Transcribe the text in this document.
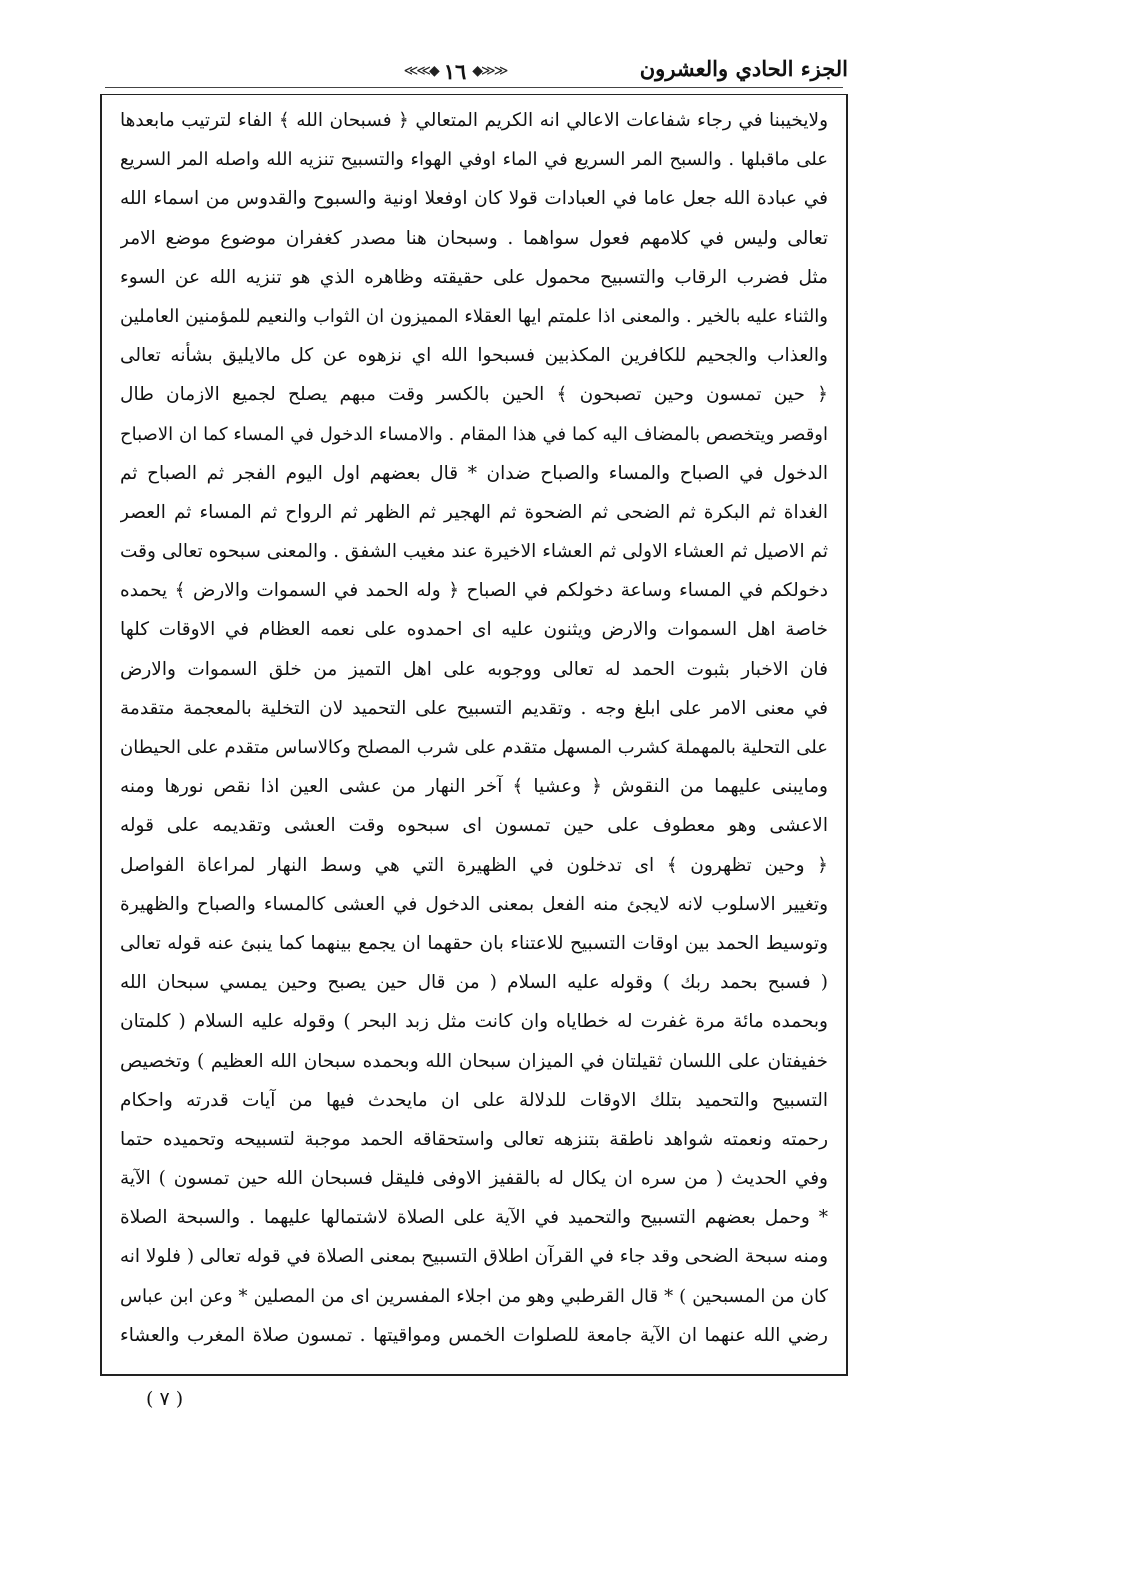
الجزء الحادي والعشرون
≪≪◆ ١٦ ◆≫≫
ولايخيبنا في رجاء شفاعات الاعالي انه الكريم المتعالي ﴿ فسبحان الله ﴾ الفاء لترتيب مابعدها
على ماقبلها . والسبح المر السريع في الماء اوفي الهواء والتسبيح تنزيه الله واصله المر السريع
في عبادة الله جعل عاما في العبادات قولا كان اوفعلا اونية والسبوح والقدوس من اسماء الله
تعالى وليس في كلامهم فعول سواهما . وسبحان هنا مصدر كغفران موضوع موضع الامر
مثل فضرب الرقاب والتسبيح محمول على حقيقته وظاهره الذي هو تنزيه الله عن السوء
والثناء عليه بالخير . والمعنى اذا علمتم ايها العقلاء المميزون ان الثواب والنعيم للمؤمنين العاملين
والعذاب والجحيم للكافرين المكذبين فسبحوا الله اي نزهوه عن كل مالايليق بشأنه تعالى
﴿ حين تمسون وحين تصبحون ﴾ الحين بالكسر وقت مبهم يصلح لجميع الازمان طال
اوقصر ويتخصص بالمضاف اليه كما في هذا المقام . والامساء الدخول في المساء كما ان الاصباح
الدخول في الصباح والمساء والصباح ضدان * قال بعضهم اول اليوم الفجر ثم الصباح ثم
الغداة ثم البكرة ثم الضحى ثم الضحوة ثم الهجير ثم الظهر ثم الرواح ثم المساء ثم العصر
ثم الاصيل ثم العشاء الاولى ثم العشاء الاخيرة عند مغيب الشفق . والمعنى سبحوه تعالى وقت
دخولكم في المساء وساعة دخولكم في الصباح ﴿ وله الحمد في السموات والارض ﴾ يحمده
خاصة اهل السموات والارض ويثنون عليه اى احمدوه على نعمه العظام في الاوقات كلها
فان الاخبار بثبوت الحمد له تعالى ووجوبه على اهل التميز من خلق السموات والارض
في معنى الامر على ابلغ وجه . وتقديم التسبيح على التحميد لان التخلية بالمعجمة متقدمة
على التحلية بالمهملة كشرب المسهل متقدم على شرب المصلح وكالاساس متقدم على الحيطان
ومايبنى عليهما من النقوش ﴿ وعشيا ﴾ آخر النهار من عشى العين اذا نقص نورها ومنه
الاعشى وهو معطوف على حين تمسون اى سبحوه وقت العشى وتقديمه على قوله
﴿ وحين تظهرون ﴾ اى تدخلون في الظهيرة التي هي وسط النهار لمراعاة الفواصل
وتغيير الاسلوب لانه لايجئ منه الفعل بمعنى الدخول في العشى كالمساء والصباح والظهيرة
وتوسيط الحمد بين اوقات التسبيح للاعتناء بان حقهما ان يجمع بينهما كما ينبئ عنه قوله تعالى
( فسبح بحمد ربك ) وقوله عليه السلام ( من قال حين يصبح وحين يمسي سبحان الله
وبحمده مائة مرة غفرت له خطاياه وان كانت مثل زبد البحر ) وقوله عليه السلام ( كلمتان
خفيفتان على اللسان ثقيلتان في الميزان سبحان الله وبحمده سبحان الله العظيم ) وتخصيص
التسبيح والتحميد بتلك الاوقات للدلالة على ان مايحدث فيها من آيات قدرته واحكام
رحمته ونعمته شواهد ناطقة بتنزهه تعالى واستحقاقه الحمد موجبة لتسبيحه وتحميده حتما
وفي الحديث ( من سره ان يكال له بالقفيز الاوفى فليقل فسبحان الله حين تمسون ) الآية
* وحمل بعضهم التسبيح والتحميد في الآية على الصلاة لاشتمالها عليهما . والسبحة الصلاة
ومنه سبحة الضحى وقد جاء في القرآن اطلاق التسبيح بمعنى الصلاة في قوله تعالى ( فلولا انه
كان من المسبحين ) * قال القرطبي وهو من اجلاء المفسرين اى من المصلين * وعن ابن عباس
رضي الله عنهما ان الآية جامعة للصلوات الخمس ومواقيتها . تمسون صلاة المغرب والعشاء
( ٧ )
